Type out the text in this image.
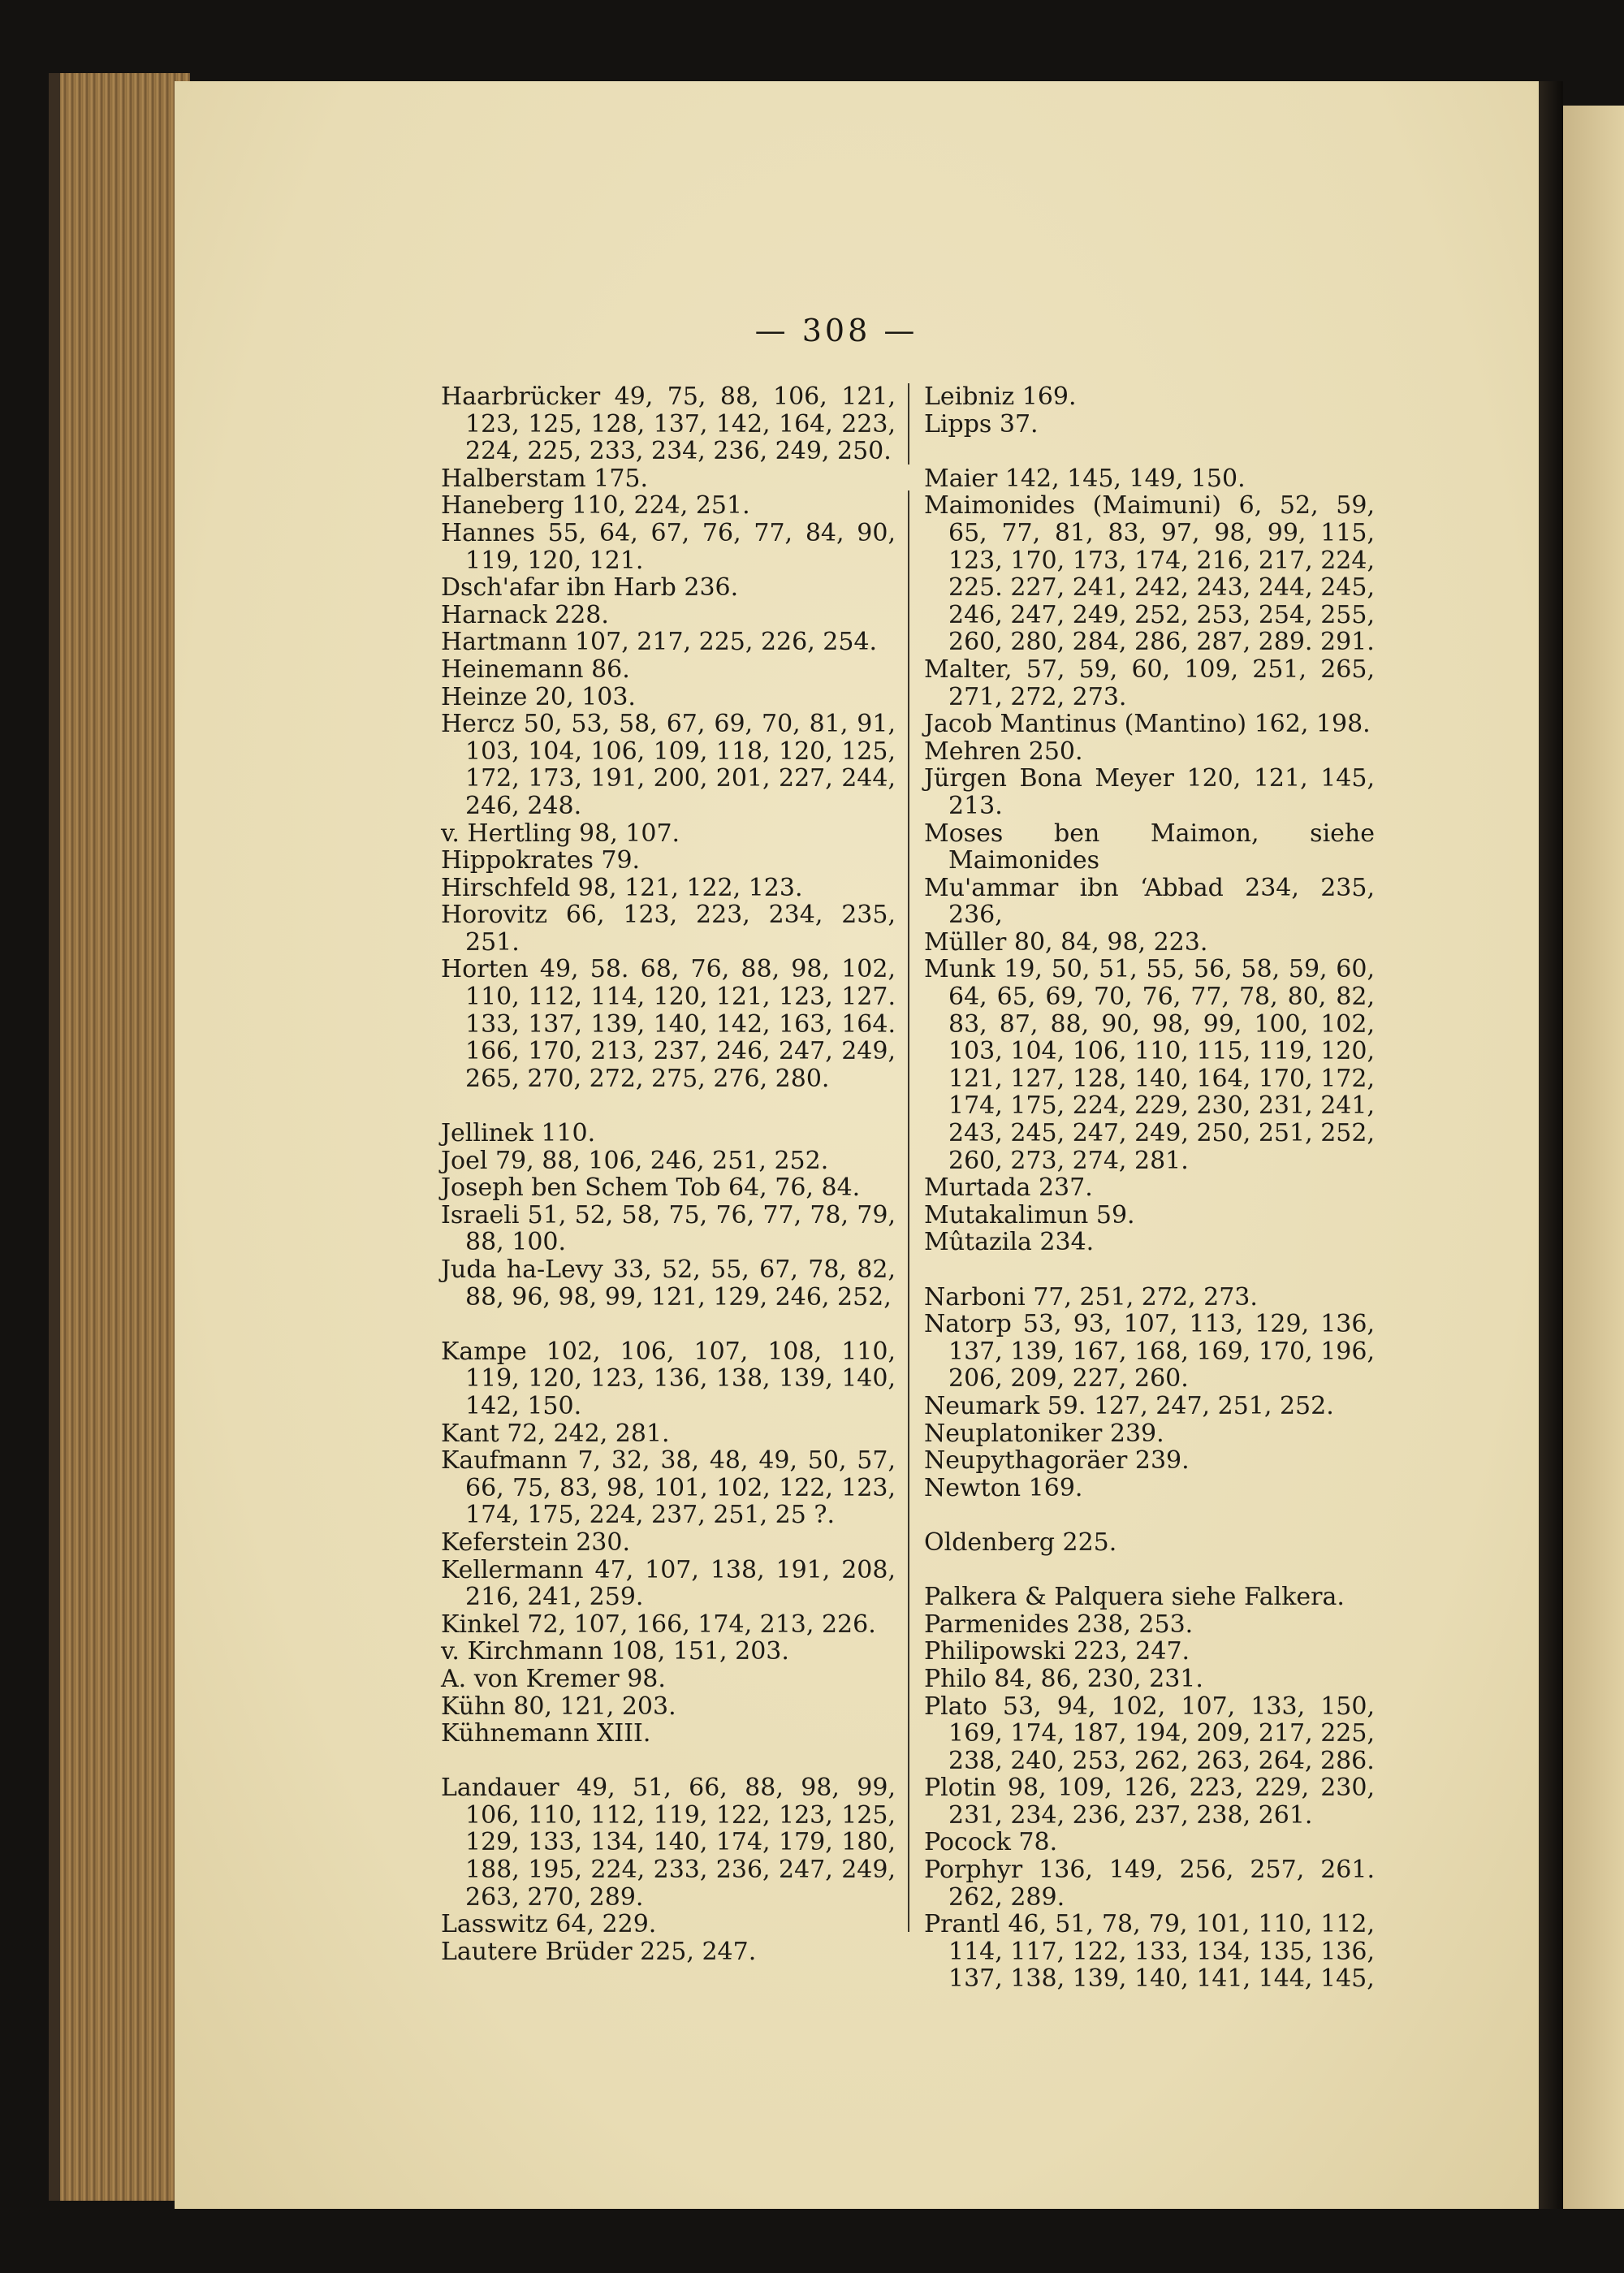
— 308 —
Haarbrücker 49, 75, 88, 106, 121, 123, 125, 128, 137, 142, 164, 223, 224, 225, 233, 234, 236, 249, 250.
Halberstam 175.
Haneberg 110, 224, 251.
Hannes 55, 64, 67, 76, 77, 84, 90, 119, 120, 121.
Dsch'afar ibn Harb 236.
Harnack 228.
Hartmann 107, 217, 225, 226, 254.
Heinemann 86.
Heinze 20, 103.
Hercz 50, 53, 58, 67, 69, 70, 81, 91, 103, 104, 106, 109, 118, 120, 125, 172, 173, 191, 200, 201, 227, 244, 246, 248.
v. Hertling 98, 107.
Hippokrates 79.
Hirschfeld 98, 121, 122, 123.
Horovitz 66, 123, 223, 234, 235, 251.
Horten 49, 58. 68, 76, 88, 98, 102, 110, 112, 114, 120, 121, 123, 127. 133, 137, 139, 140, 142, 163, 164. 166, 170, 213, 237, 246, 247, 249, 265, 270, 272, 275, 276, 280.
Jellinek 110.
Joel 79, 88, 106, 246, 251, 252.
Joseph ben Schem Tob 64, 76, 84.
Israeli 51, 52, 58, 75, 76, 77, 78, 79, 88, 100.
Juda ha-Levy 33, 52, 55, 67, 78, 82, 88, 96, 98, 99, 121, 129, 246, 252,
Kampe 102, 106, 107, 108, 110, 119, 120, 123, 136, 138, 139, 140, 142, 150.
Kant 72, 242, 281.
Kaufmann 7, 32, 38, 48, 49, 50, 57, 66, 75, 83, 98, 101, 102, 122, 123, 174, 175, 224, 237, 251, 25 ?.
Keferstein 230.
Kellermann 47, 107, 138, 191, 208, 216, 241, 259.
Kinkel 72, 107, 166, 174, 213, 226.
v. Kirchmann 108, 151, 203.
A. von Kremer 98.
Kühn 80, 121, 203.
Kühnemann XIII.
Landauer 49, 51, 66, 88, 98, 99, 106, 110, 112, 119, 122, 123, 125, 129, 133, 134, 140, 174, 179, 180, 188, 195, 224, 233, 236, 247, 249, 263, 270, 289.
Lasswitz 64, 229.
Lautere Brüder 225, 247.
Leibniz 169.
Lipps 37.
Maier 142, 145, 149, 150.
Maimonides (Maimuni) 6, 52, 59, 65, 77, 81, 83, 97, 98, 99, 115, 123, 170, 173, 174, 216, 217, 224, 225. 227, 241, 242, 243, 244, 245, 246, 247, 249, 252, 253, 254, 255, 260, 280, 284, 286, 287, 289. 291.
Malter, 57, 59, 60, 109, 251, 265, 271, 272, 273.
Jacob Mantinus (Mantino) 162, 198.
Mehren 250.
Jürgen Bona Meyer 120, 121, 145, 213.
Moses ben Maimon, siehe Maimonides
Mu'ammar ibn ‘Abbad 234, 235, 236,
Müller 80, 84, 98, 223.
Munk 19, 50, 51, 55, 56, 58, 59, 60, 64, 65, 69, 70, 76, 77, 78, 80, 82, 83, 87, 88, 90, 98, 99, 100, 102, 103, 104, 106, 110, 115, 119, 120, 121, 127, 128, 140, 164, 170, 172, 174, 175, 224, 229, 230, 231, 241, 243, 245, 247, 249, 250, 251, 252, 260, 273, 274, 281.
Murtada 237.
Mutakalimun 59.
Mûtazila 234.
Narboni 77, 251, 272, 273.
Natorp 53, 93, 107, 113, 129, 136, 137, 139, 167, 168, 169, 170, 196, 206, 209, 227, 260.
Neumark 59. 127, 247, 251, 252.
Neuplatoniker 239.
Neupythagoräer 239.
Newton 169.
Oldenberg 225.
Palkera & Palquera siehe Falkera.
Parmenides 238, 253.
Philipowski 223, 247.
Philo 84, 86, 230, 231.
Plato 53, 94, 102, 107, 133, 150, 169, 174, 187, 194, 209, 217, 225, 238, 240, 253, 262, 263, 264, 286.
Plotin 98, 109, 126, 223, 229, 230, 231, 234, 236, 237, 238, 261.
Pocock 78.
Porphyr 136, 149, 256, 257, 261. 262, 289.
Prantl 46, 51, 78, 79, 101, 110, 112, 114, 117, 122, 133, 134, 135, 136, 137, 138, 139, 140, 141, 144, 145,
